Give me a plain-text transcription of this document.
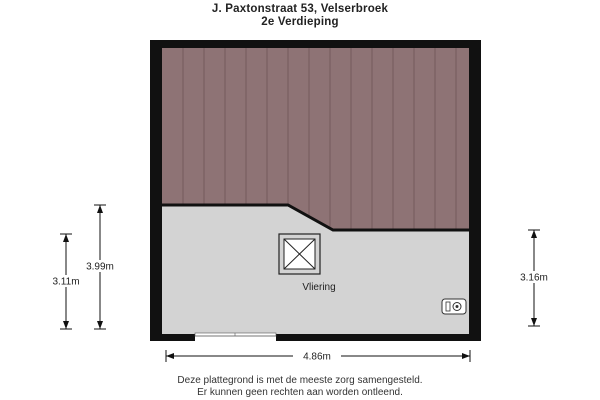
J. Paxtonstraat 53, Velserbroek
2e Verdieping
Vliering
3.99m
3.11m	3.16m
4.86m
Deze plattegrond is met de meeste zorg samengesteld.
Er kunnen geen rechten aan worden ontleend.
